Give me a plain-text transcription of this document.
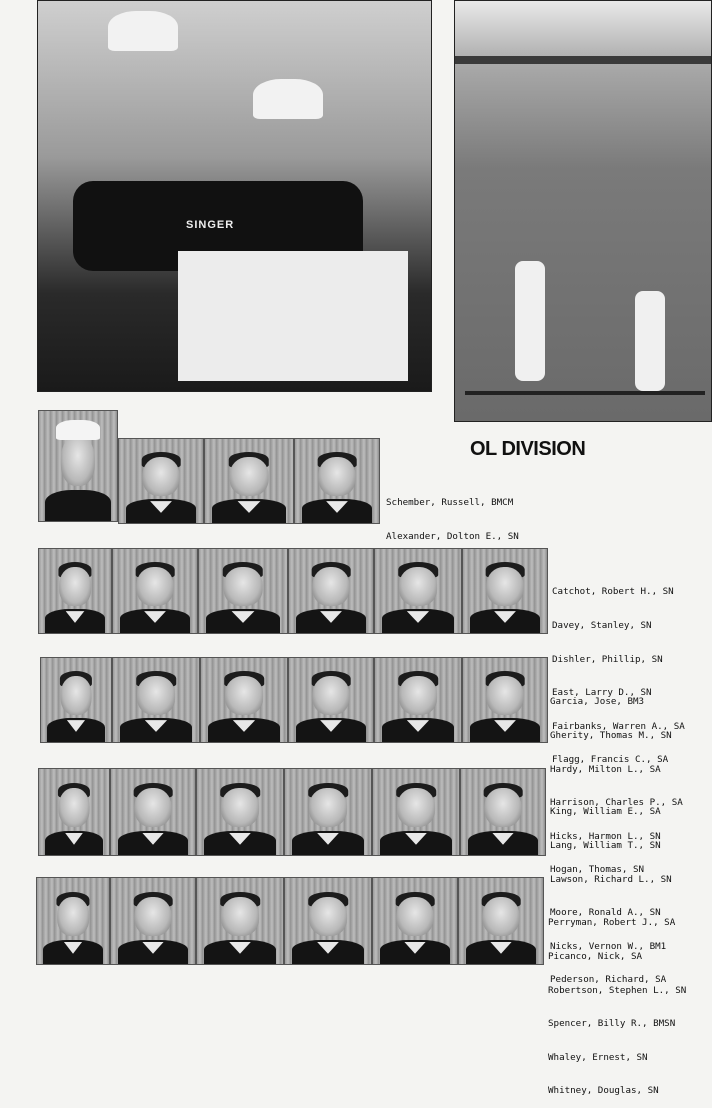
SINGER
OL DIVISION

Schember, Russell, BMCM

Alexander, Dolton E., SN

Catchot, Robert H., SN

Davey, Stanley, SN

Dishler, Phillip, SN

East, Larry D., SN

Fairbanks, Warren A., SA

Flagg, Francis C., SA

Garcia, Jose, BM3

Gherity, Thomas M., SN

Hardy, Milton L., SA

Harrison, Charles P., SA

Hicks, Harmon L., SN

Hogan, Thomas, SN

King, William E., SA

Lang, William T., SN

Lawson, Richard L., SN

Moore, Ronald A., SN

Nicks, Vernon W., BM1

Pederson, Richard, SA

Perryman, Robert J., SA

Picanco, Nick, SA

Robertson, Stephen L., SN

Spencer, Billy R., BMSN

Whaley, Ernest, SN

Whitney, Douglas, SN
